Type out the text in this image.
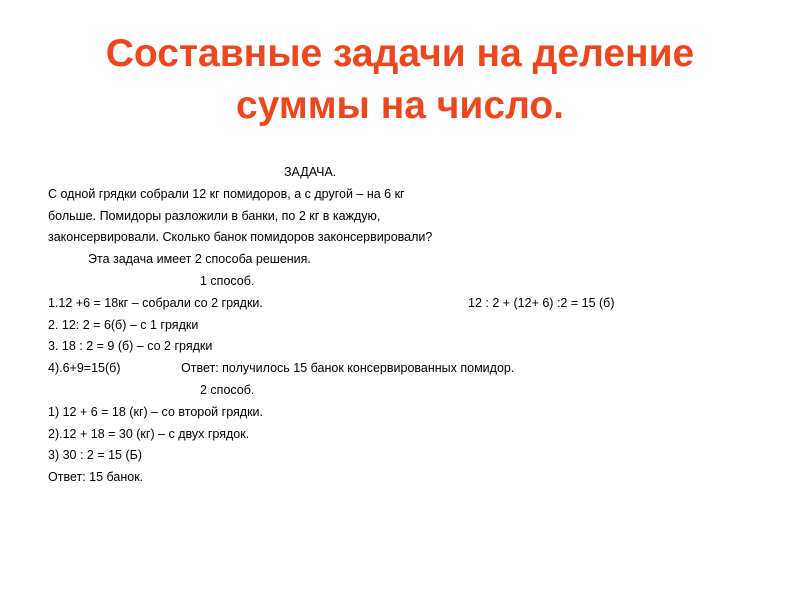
Составные задачи на деление
суммы на число.
ЗАДАЧА.
С одной грядки собрали 12 кг помидоров, а с другой – на 6 кг
больше. Помидоры разложили в банки, по 2 кг в каждую,
законсервировали. Сколько банок помидоров законсервировали?
Эта задача имеет 2 способа решения.
1 способ.
1.12 +6 = 18кг – собрали со 2 грядки.	12 : 2 + (12+ 6) :2 = 15 (б)
2. 12: 2 = 6(б) – с 1 грядки
3. 18 : 2 = 9 (б) – со 2 грядки
4).6+9=15(б)	Ответ: получилось 15 банок консервированных помидор.
2 способ.
1) 12 + 6 = 18 (кг) – со второй грядки.
2).12 + 18 = 30 (кг) – с двух грядок.
3) 30 : 2 = 15 (Б)
Ответ: 15 банок.
